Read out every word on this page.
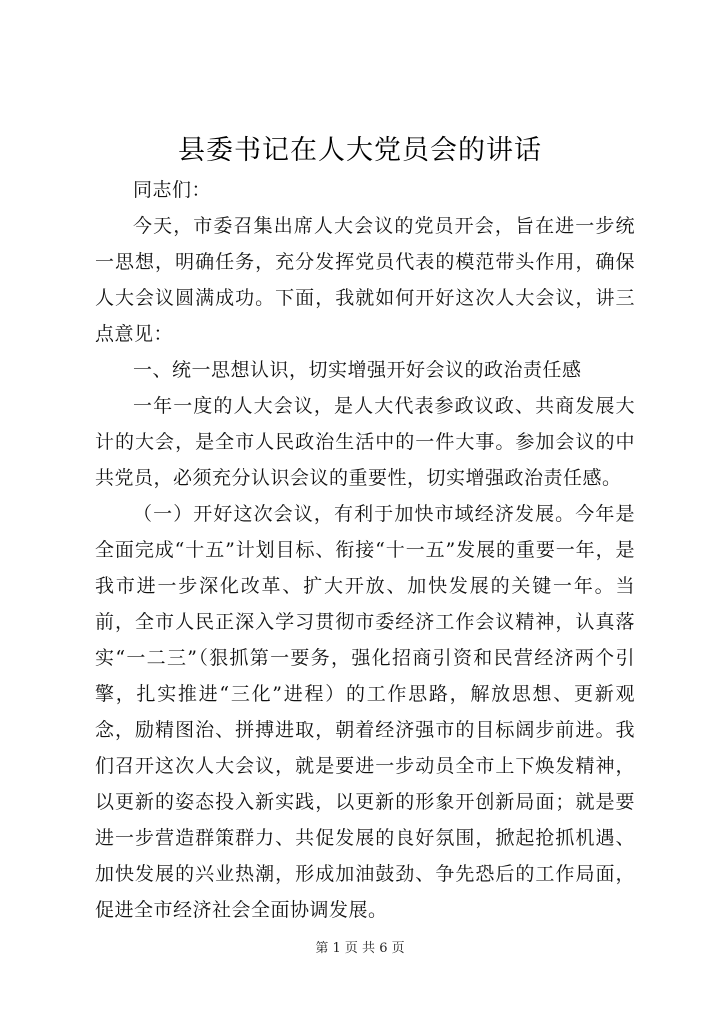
县委书记在人大党员会的讲话

同志们：

今天，市委召集出席人大会议的党员开会，旨在进一步统一思想，明确任务，充分发挥党员代表的模范带头作用，确保人大会议圆满成功。下面，我就如何开好这次人大会议，讲三点意见：

一、统一思想认识，切实增强开好会议的政治责任感

一年一度的人大会议，是人大代表参政议政、共商发展大计的大会，是全市人民政治生活中的一件大事。参加会议的中共党员，必须充分认识会议的重要性，切实增强政治责任感。

（一）开好这次会议，有利于加快市域经济发展。今年是全面完成“十五”计划目标、衔接“十一五”发展的重要一年，是我市进一步深化改革、扩大开放、加快发展的关键一年。当前，全市人民正深入学习贯彻市委经济工作会议精神，认真落实“一二三”（狠抓第一要务，强化招商引资和民营经济两个引擎，扎实推进“三化”进程）的工作思路，解放思想、更新观念，励精图治、拼搏进取，朝着经济强市的目标阔步前进。我们召开这次人大会议，就是要进一步动员全市上下焕发精神，以更新的姿态投入新实践，以更新的形象开创新局面；就是要进一步营造群策群力、共促发展的良好氛围，掀起抢抓机遇、加快发展的兴业热潮，形成加油鼓劲、争先恐后的工作局面，促进全市经济社会全面协调发展。

第 1 页 共 6 页
